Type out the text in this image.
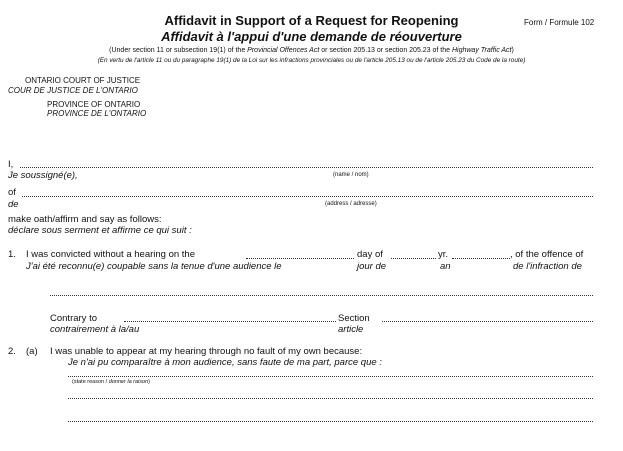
Form / Formule 102
Affidavit in Support of a Request for Reopening
Affidavit à l'appui d'une demande de réouverture
(Under section 11 or subsection 19(1) of the Provincial Offences Act or section 205.13 or section 205.23 of the Highway Traffic Act)
(En vertu de l'article 11 ou du paragraphe 19(1) de la Loi sur les infractions provinciales ou de l'article 205.13 ou de l'article 205.23 du Code de la route)
ONTARIO COURT OF JUSTICE
COUR DE JUSTICE DE L'ONTARIO
PROVINCE OF ONTARIO
PROVINCE DE L'ONTARIO
I,
Je soussigné(e),	(name / nom)
of
de	(address / adresse)
make oath/affirm and say as follows:
déclare sous serment et affirme ce qui suit :
1. I was convicted without a hearing on the	day of	yr.	, of the offence of
J'ai été reconnu(e) coupable sans la tenue d'une audience le	jour de	an	de l'infraction de
Contrary to	Section
contrairement à la/au	article
2. (a) I was unable to appear at my hearing through no fault of my own because:
Je n'ai pu comparaître à mon audience, sans faute de ma part, parce que :
(state reason / donner la raison)
